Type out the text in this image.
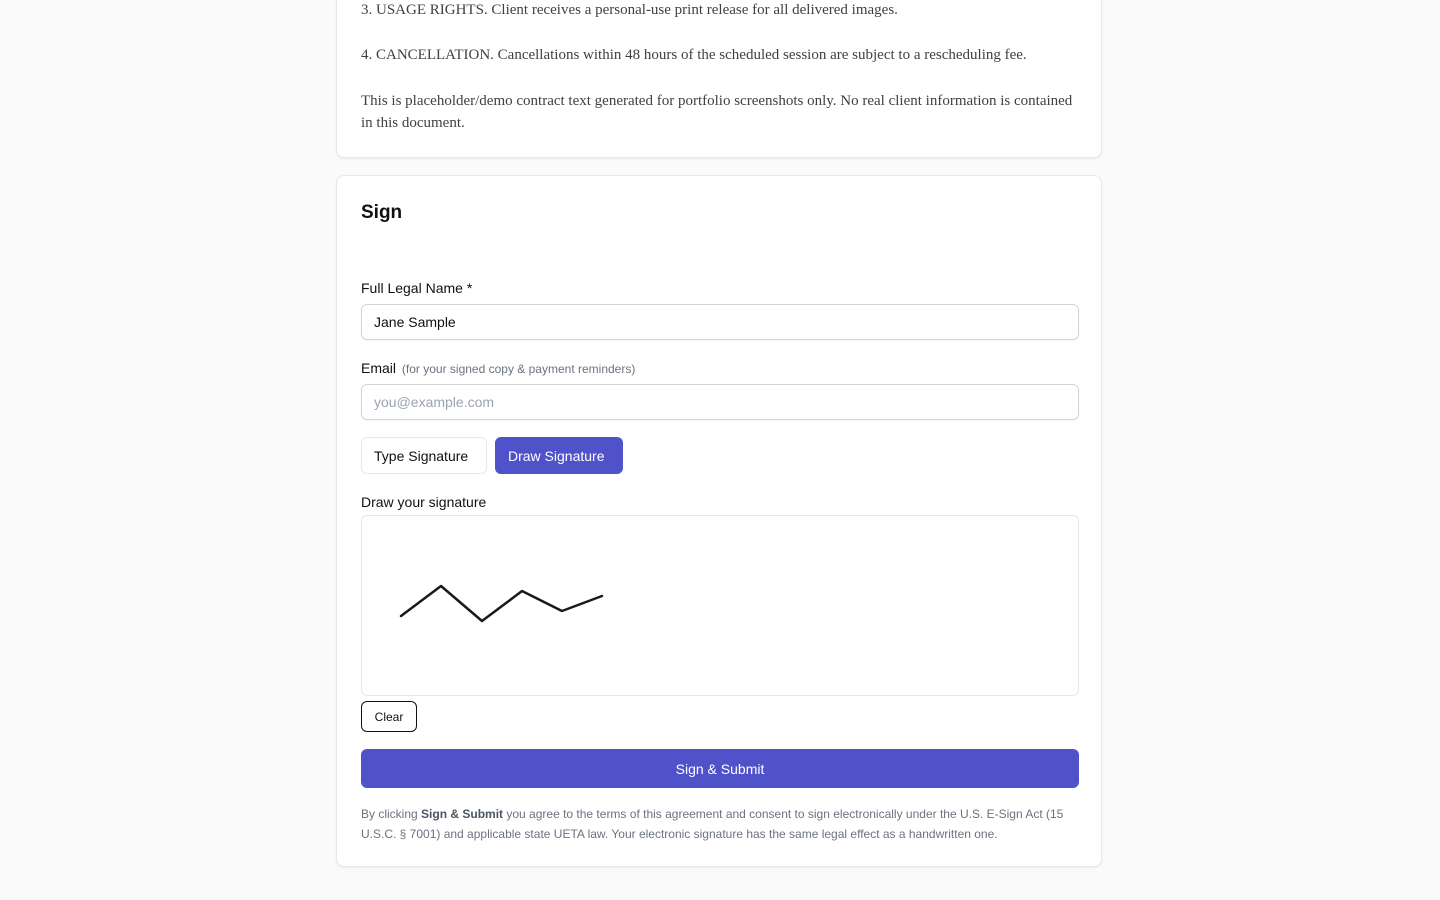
3. USAGE RIGHTS. Client receives a personal-use print release for all delivered images.

4. CANCELLATION. Cancellations within 48 hours of the scheduled session are subject to a rescheduling fee.

This is placeholder/demo contract text generated for portfolio screenshots only. No real client information is contained in this document.

Sign
Full Legal Name *
Jane Sample
Email (for your signed copy & payment reminders)
you@example.com
Type Signature	Draw Signature
Draw your signature
Clear
Sign & Submit

By clicking Sign & Submit you agree to the terms of this agreement and consent to sign electronically under the U.S. E-Sign Act (15 U.S.C. § 7001) and applicable state UETA law. Your electronic signature has the same legal effect as a handwritten one.
